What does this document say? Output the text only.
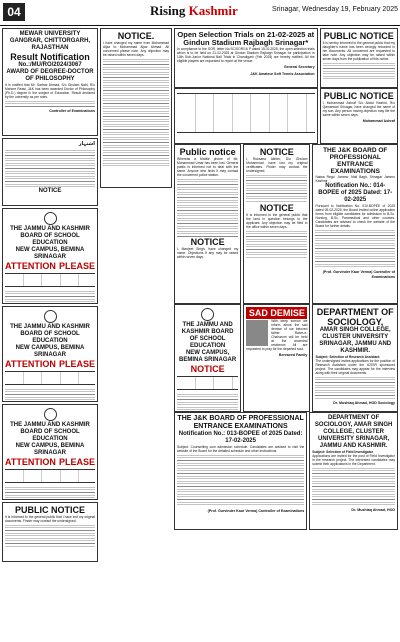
04	Rising Kashmir	Srinagar, Wednesday 19, February 2025
MEWAR UNIVERSITY GANGRAR, CHITTORGARH, RAJASTHAN
Result Notification
No.:/MU/RO/2024/3067
AWARD OF DEGREE-DOCTOR OF PHILOSOPHY
It is notified that Mr. Sarfraz Ahmad, S/o Ghulam Nabi, R/o Mahore Reasi, J&K has been awarded Doctor of Philosophy (Ph.D.) degree in the subject of Education. Result declared by the university as per rules.
Controller of Examinations
اشتہار
NOTICE
THE JAMMU AND KASHMIR BOARD OF SCHOOL EDUCATION
NEW CAMPUS, BEMINA SRINAGAR
ATTENTION PLEASE
THE JAMMU AND KASHMIR BOARD OF SCHOOL EDUCATION
NEW CAMPUS, BEMINA SRINAGAR
ATTENTION PLEASE
THE JAMMU AND KASHMIR BOARD OF SCHOOL EDUCATION
NEW CAMPUS, BEMINA SRINAGAR
ATTENTION PLEASE
PUBLIC NOTICE
It is informed to the general public that I have lost my original documents. Finder may contact the undersigned.
NOTICE.
I have changed my name from Mohammad Aijaz to Mohammad Aijaz Ahmad. All concerned please note. Any objection may be raised within seven days.
Open Selection Trials on 21-02-2025 at Gindun Stadium Rajbagh Srinagar*
In compliance to the SOR, letter No.SC/SOR/16 P dated 15.02.2025, the open selection trials which is to be held on 21-02-2025 at Gindun Stadium Rajbagh Srinagar for participation in 10th Sub-Junior National Ball Trials in Chandigarh (Feb 2025) are hereby notified. All the eligible players are requested to report at the venue.
General Secretary
J&K Amateur Soft Tennis Association
PUBLIC NOTICE
It is hereby informed to the general public that my daughter's name has been wrongly recorded in her documents. All concerned are requested to take note. Any objection may be raised within seven days from the publication of this notice.
PUBLIC NOTICE
I, Mohammad Ashraf S/o Abdul Rashid, R/o Qamarwari Srinagar, have changed the name of my son. Any person having objection may file the same within seven days.
Mohammad Ashraf
Public notice
Whereas a Mobile phone of Mr. Mohammad Umar has been lost. General public is informed not to deal with the same. Anyone who finds it may contact the concerned police station.
NOTICE
I, Manjeet Singh, have changed my name. Objections if any may be raised within seven days.
NOTICE
I, Ruksana Akhter, D/o Ghulam Mohammad, have lost my original certificates. Finder may contact the undersigned.
NOTICE
It is informed to the general public that the land in question belongs to the applicant. Any objection may be filed in the office within seven days.
THE J&K BOARD OF PROFESSIONAL ENTRANCE EXAMINATIONS
Nalwa Regd. Jammu: Mali Bagh, Srinagar Jammu Kashmir
Notification No.: 014-BOPEE of 2025 Dated: 17-02-2025
Pursuant to Notification No. 010-BOPEE of 2025 dated 05-02-2025, the Board invited online application forms from eligible candidates for admission to B.Sc. Nursing, B.Sc. Paramedical and other courses. Candidates are advised to check the website of the Board for further details.
(Prof. Gurvinder Kaur Verma) Controller of Examinations
THE JAMMU AND KASHMIR BOARD OF SCHOOL EDUCATION
NEW CAMPUS, BEMINA SRINAGAR
NOTICE
SAD DEMISE
With deep sorrow we inform about the sad demise of our beloved father. Rasm-e-Chaharum will be held at the ancestral residence. All are requested to pray for the departed soul.
Bereaved Family
DEPARTMENT OF SOCIOLOGY,
AMAR SINGH COLLEGE, CLUSTER UNIVERSITY SRINAGAR, JAMMU AND KASHMIR.
Subject: Selection of Research Assistant
The undersigned invites applications for the position of Research Assistant under the ICSSR sponsored project. The candidates may appear for the interview along with their original documents.
Dr. Mushtaq Ahmad, HOD Sociology
THE J&K BOARD OF PROFESSIONAL ENTRANCE EXAMINATIONS
Notification No.: 013-BOPEE of 2025 Dated: 17-02-2025
Subject: Counselling cum admission schedule. Candidates are advised to visit the website of the Board for the detailed schedule and other instructions.
(Prof. Gurvinder Kaur Verma) Controller of Examinations
DEPARTMENT OF SOCIOLOGY, AMAR SINGH COLLEGE, CLUSTER UNIVERSITY SRINAGAR, JAMMU AND KASHMIR.
Subject: Selection of Field Investigator
Applications are invited for the post of Field Investigator in the research project. The interested candidates may submit their applications in the Department.
Dr. Mushtaq Ahmad, HOD
